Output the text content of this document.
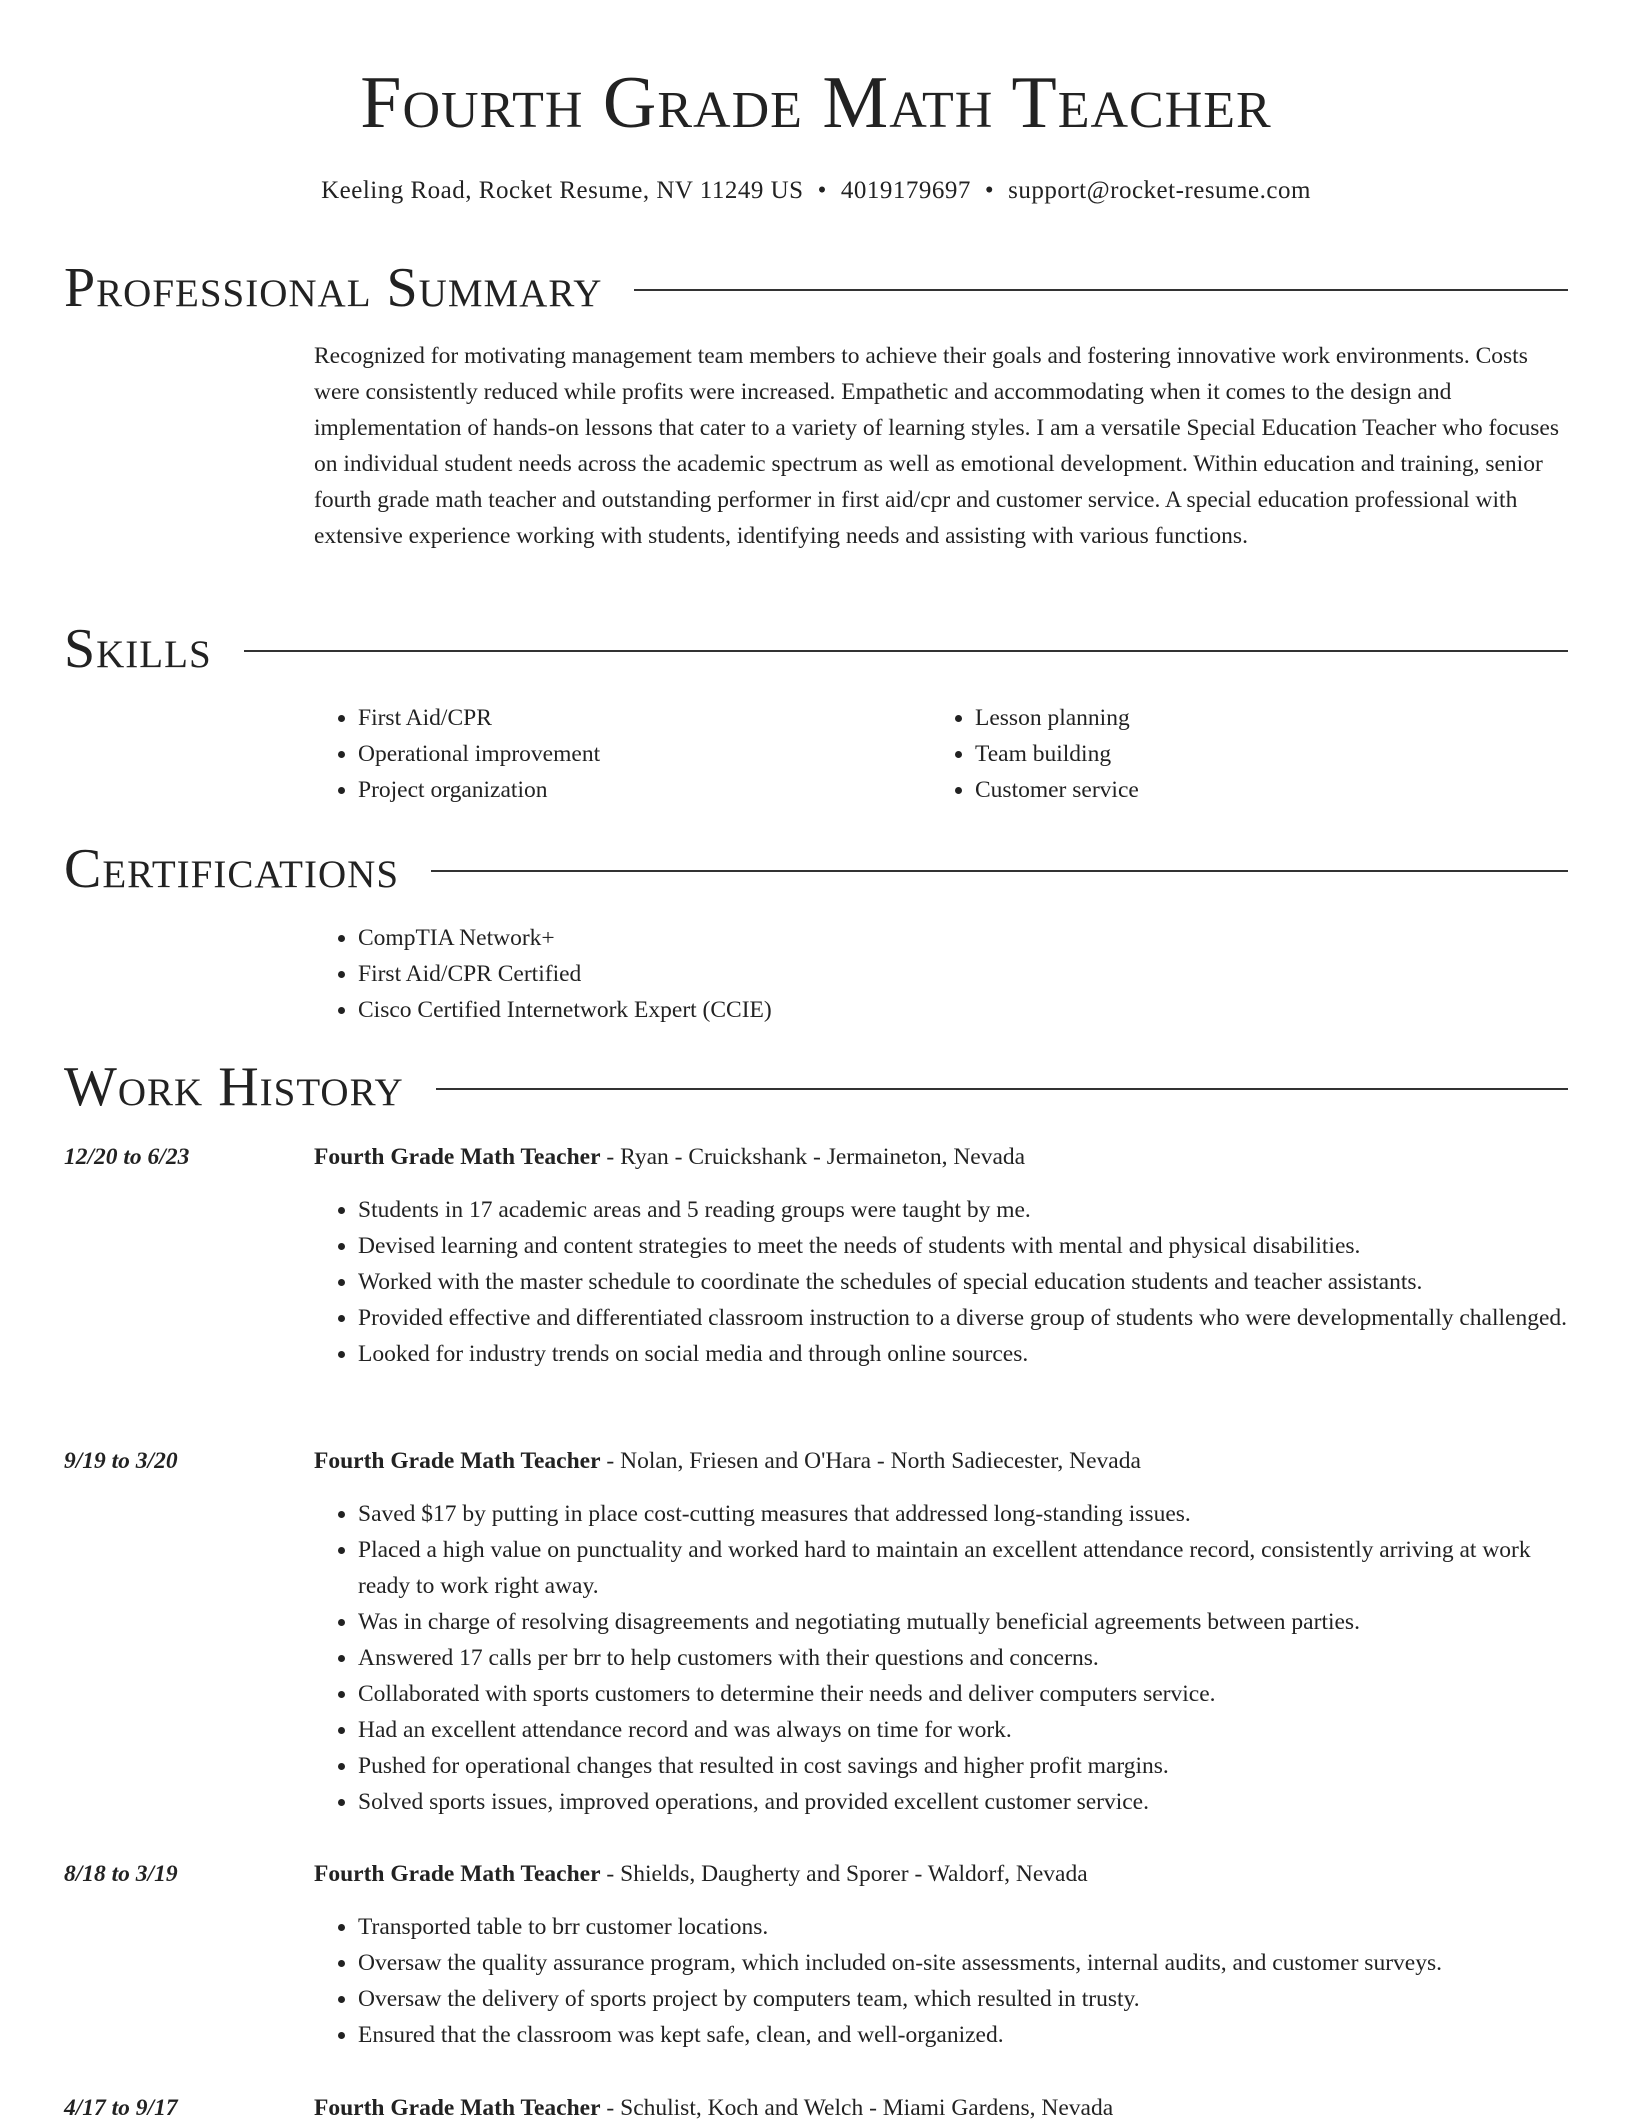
Fourth Grade Math Teacher
Keeling Road, Rocket Resume, NV 11249 US • 4019179697 • support@rocket-resume.com
Professional Summary

Recognized for motivating management team members to achieve their goals and fostering innovative work environments. Costs were consistently reduced while profits were increased. Empathetic and accommodating when it comes to the design and implementation of hands-on lessons that cater to a variety of learning styles. I am a versatile Special Education Teacher who focuses on individual student needs across the academic spectrum as well as emotional development. Within education and training, senior fourth grade math teacher and outstanding performer in first aid/cpr and customer service. A special education professional with extensive experience working with students, identifying needs and assisting with various functions.

Skills
• First Aid/CPR
• Operational improvement
• Project organization
• Lesson planning
• Team building
• Customer service
Certifications
• CompTIA Network+
• First Aid/CPR Certified
• Cisco Certified Internetwork Expert (CCIE)
Work History
12/20 to 6/23	Fourth Grade Math Teacher - Ryan - Cruickshank - Jermaineton, Nevada
• Students in 17 academic areas and 5 reading groups were taught by me.
• Devised learning and content strategies to meet the needs of students with mental and physical disabilities.
• Worked with the master schedule to coordinate the schedules of special education students and teacher assistants.
• Provided effective and differentiated classroom instruction to a diverse group of students who were developmentally challenged.
• Looked for industry trends on social media and through online sources.
9/19 to 3/20	Fourth Grade Math Teacher - Nolan, Friesen and O'Hara - North Sadiecester, Nevada
• Saved $17 by putting in place cost-cutting measures that addressed long-standing issues.
• Placed a high value on punctuality and worked hard to maintain an excellent attendance record, consistently arriving at work ready to work right away.
• Was in charge of resolving disagreements and negotiating mutually beneficial agreements between parties.
• Answered 17 calls per brr to help customers with their questions and concerns.
• Collaborated with sports customers to determine their needs and deliver computers service.
• Had an excellent attendance record and was always on time for work.
• Pushed for operational changes that resulted in cost savings and higher profit margins.
• Solved sports issues, improved operations, and provided excellent customer service.
8/18 to 3/19	Fourth Grade Math Teacher - Shields, Daugherty and Sporer - Waldorf, Nevada
• Transported table to brr customer locations.
• Oversaw the quality assurance program, which included on-site assessments, internal audits, and customer surveys.
• Oversaw the delivery of sports project by computers team, which resulted in trusty.
• Ensured that the classroom was kept safe, clean, and well-organized.
4/17 to 9/17	Fourth Grade Math Teacher - Schulist, Koch and Welch - Miami Gardens, Nevada
